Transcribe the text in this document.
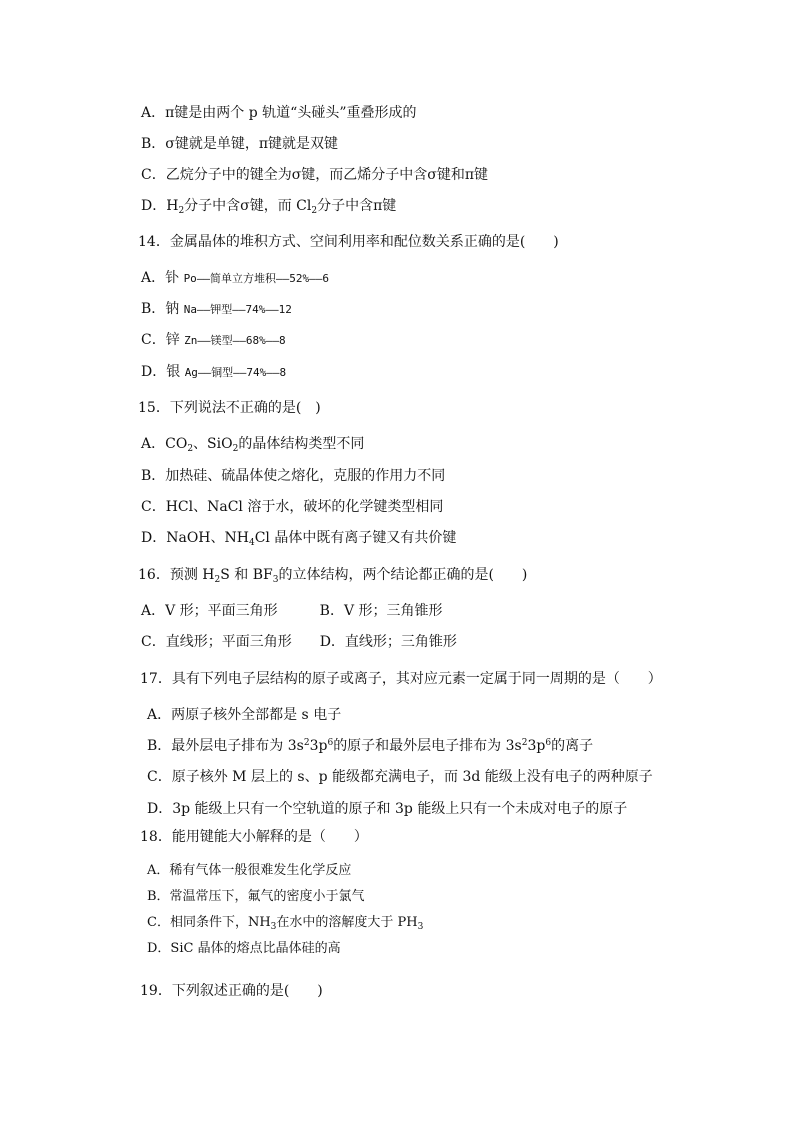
A．π键是由两个 p 轨道“头碰头”重叠形成的
B．σ键就是单键，π键就是双键
C．乙烷分子中的键全为σ键，而乙烯分子中含σ键和π键
D．$H_2$分子中含σ键，而 $Cl_2$分子中含π键
14．金属晶体的堆积方式、空间利用率和配位数关系正确的是(　　)
A．钋 Po——简单立方堆积——52%——6
B．钠 Na——钾型——74%——12
C．锌 Zn——镁型——68%——8
D．银 Ag——铜型——74%——8
15．下列说法不正确的是(　)
A．$CO_2$、SiO$_2$的晶体结构类型不同
B．加热硅、硫晶体使之熔化，克服的作用力不同
C．HCl、NaCl 溶于水，破坏的化学键类型相同
D．NaOH、$NH_4Cl$ 晶体中既有离子键又有共价键
16．预测 $H_2S$ 和 $BF_3$的立体结构，两个结论都正确的是(　　)
A．V 形；平面三角形　　　B．V 形；三角锥形
C．直线形；平面三角形　　D．直线形；三角锥形
17．具有下列电子层结构的原子或离子，其对应元素一定属于同一周期的是（　　）
A．两原子核外全部都是 s 电子
B．最外层电子排布为 $3s^23p^6$的原子和最外层电子排布为 $3s^23p^6$的离子
C．原子核外 M 层上的 s、p 能级都充满电子，而 3d 能级上没有电子的两种原子
D．3p 能级上只有一个空轨道的原子和 3p 能级上只有一个未成对电子的原子
18．能用键能大小解释的是（　　）
A．稀有气体一般很难发生化学反应
B．常温常压下，氟气的密度小于氯气
C．相同条件下，$NH_3$在水中的溶解度大于 $PH_3$
D．SiC 晶体的熔点比晶体硅的高
19．下列叙述正确的是(　　)
